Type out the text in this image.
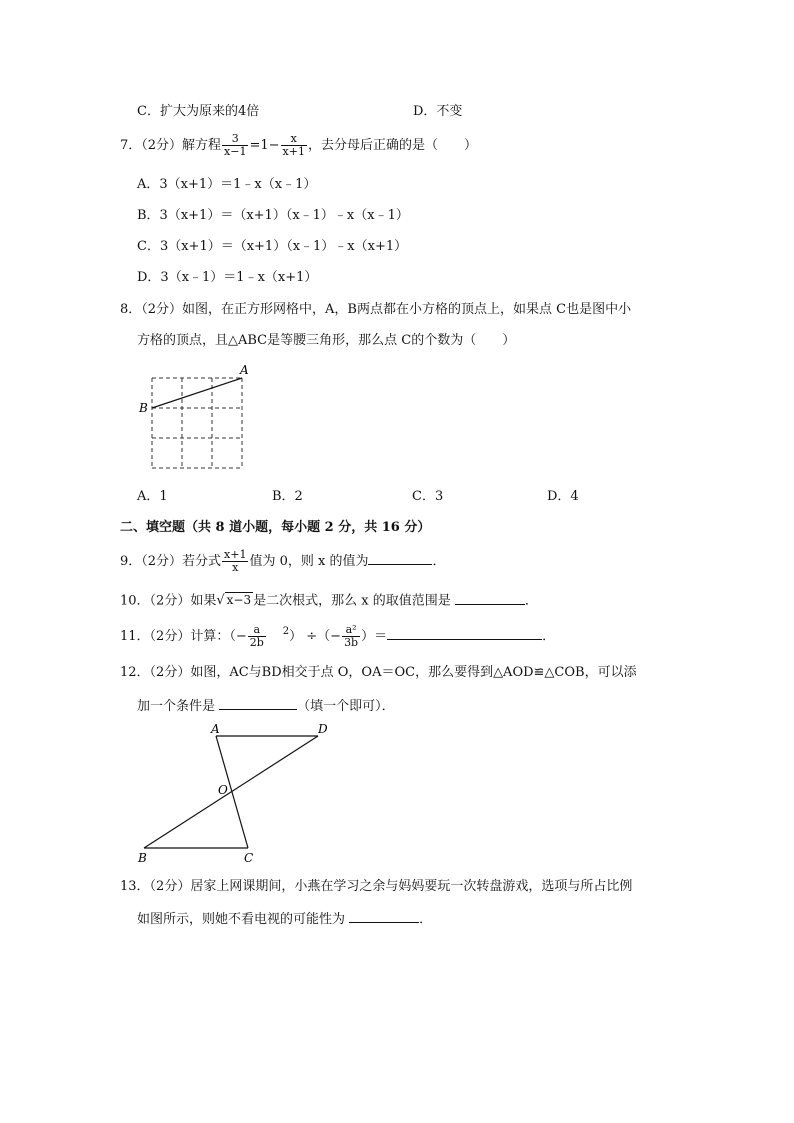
C．扩大为原来的4倍	D．不变
7．（2分）解方程 $\frac{3}{x-1} =1- \frac{x}{x+1}$ ，去分母后正确的是（　　）
A．3（x+1）＝1﹣x（x﹣1）
B．3（x+1）＝（x+1）（x﹣1）﹣x（x﹣1）
C．3（x+1）＝（x+1）（x﹣1）﹣x（x+1）
D．3（x﹣1）＝1﹣x（x+1）
8．（2分）如图，在正方形网格中，A，B两点都在小方格的顶点上，如果点 C也是图中小
方格的顶点，且△ABC是等腰三角形，那么点 C的个数为（　　）
A
B
A．1	B．2	C．3	D．4
二、填空题（共 8 道小题，每小题 2 分，共 16 分）
9．（2分）若分式 $\frac{x+1}{x}$ 值为 0，则 x 的值为	．
10．（2分）如果√ x−3 是二次根式，那么 x 的取值范围是	．
11．（2分）计算：（− $\frac{a}{2b} ^2$） ÷（− $\frac{\text{a²}}{3b}$ ）＝	．
12．（2分）如图，AC与BD相交于点 O，OA＝OC，那么要得到△AOD≌△COB，可以添
加一个条件是	（填一个即可）．
A	D
O
B	C
13．（2分）居家上网课期间，小燕在学习之余与妈妈要玩一次转盘游戏，选项与所占比例
如图所示，则她不看电视的可能性为	．
